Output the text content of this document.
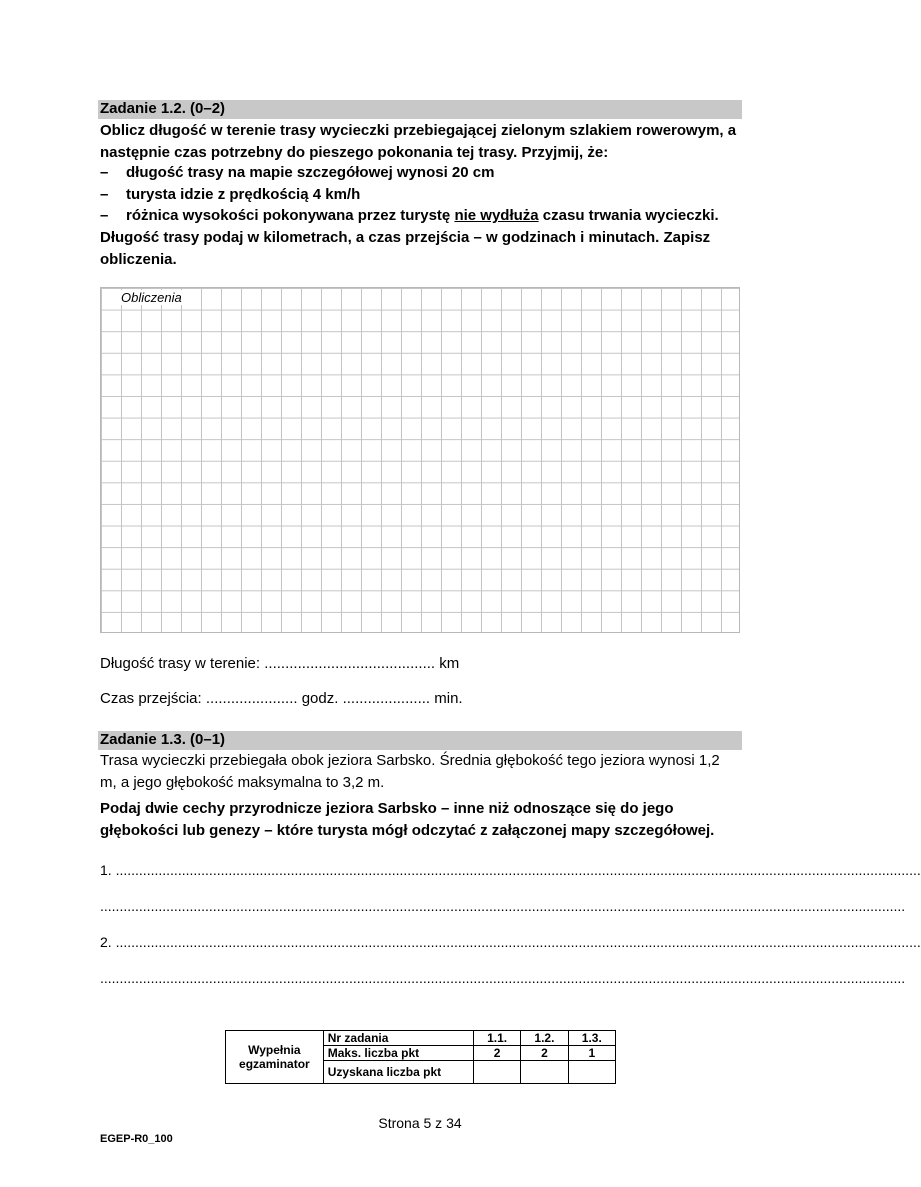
Zadanie 1.2. (0–2)
Oblicz długość w terenie trasy wycieczki przebiegającej zielonym szlakiem rowerowym, a następnie czas potrzebny do pieszego pokonania tej trasy. Przyjmij, że:
– długość trasy na mapie szczegółowej wynosi 20 cm
– turysta idzie z prędkością 4 km/h
– różnica wysokości pokonywana przez turystę nie wydłuża czasu trwania wycieczki.
Długość trasy podaj w kilometrach, a czas przejścia – w godzinach i minutach. Zapisz obliczenia.
Obliczenia
Długość trasy w terenie: ......................................... km
Czas przejścia: ...................... godz. ..................... min.
Zadanie 1.3. (0–1)
Trasa wycieczki przebiegała obok jeziora Sarbsko. Średnia głębokość tego jeziora wynosi 1,2 m, a jego głębokość maksymalna to 3,2 m.
Podaj dwie cechy przyrodnicze jeziora Sarbsko – inne niż odnoszące się do jego głębokości lub genezy – które turysta mógł odczytać z załączonej mapy szczegółowej.
1. ...............................................................................................................................................................................................................
...............................................................................................................................................................................................................
2. ...............................................................................................................................................................................................................
...............................................................................................................................................................................................................
Wypełnia egzaminator	Nr zadania	1.1.	1.2.	1.3.
	Maks. liczba pkt	2	2	1
	Uzyskana liczba pkt			
Strona 5 z 34
EGEP-R0_100
